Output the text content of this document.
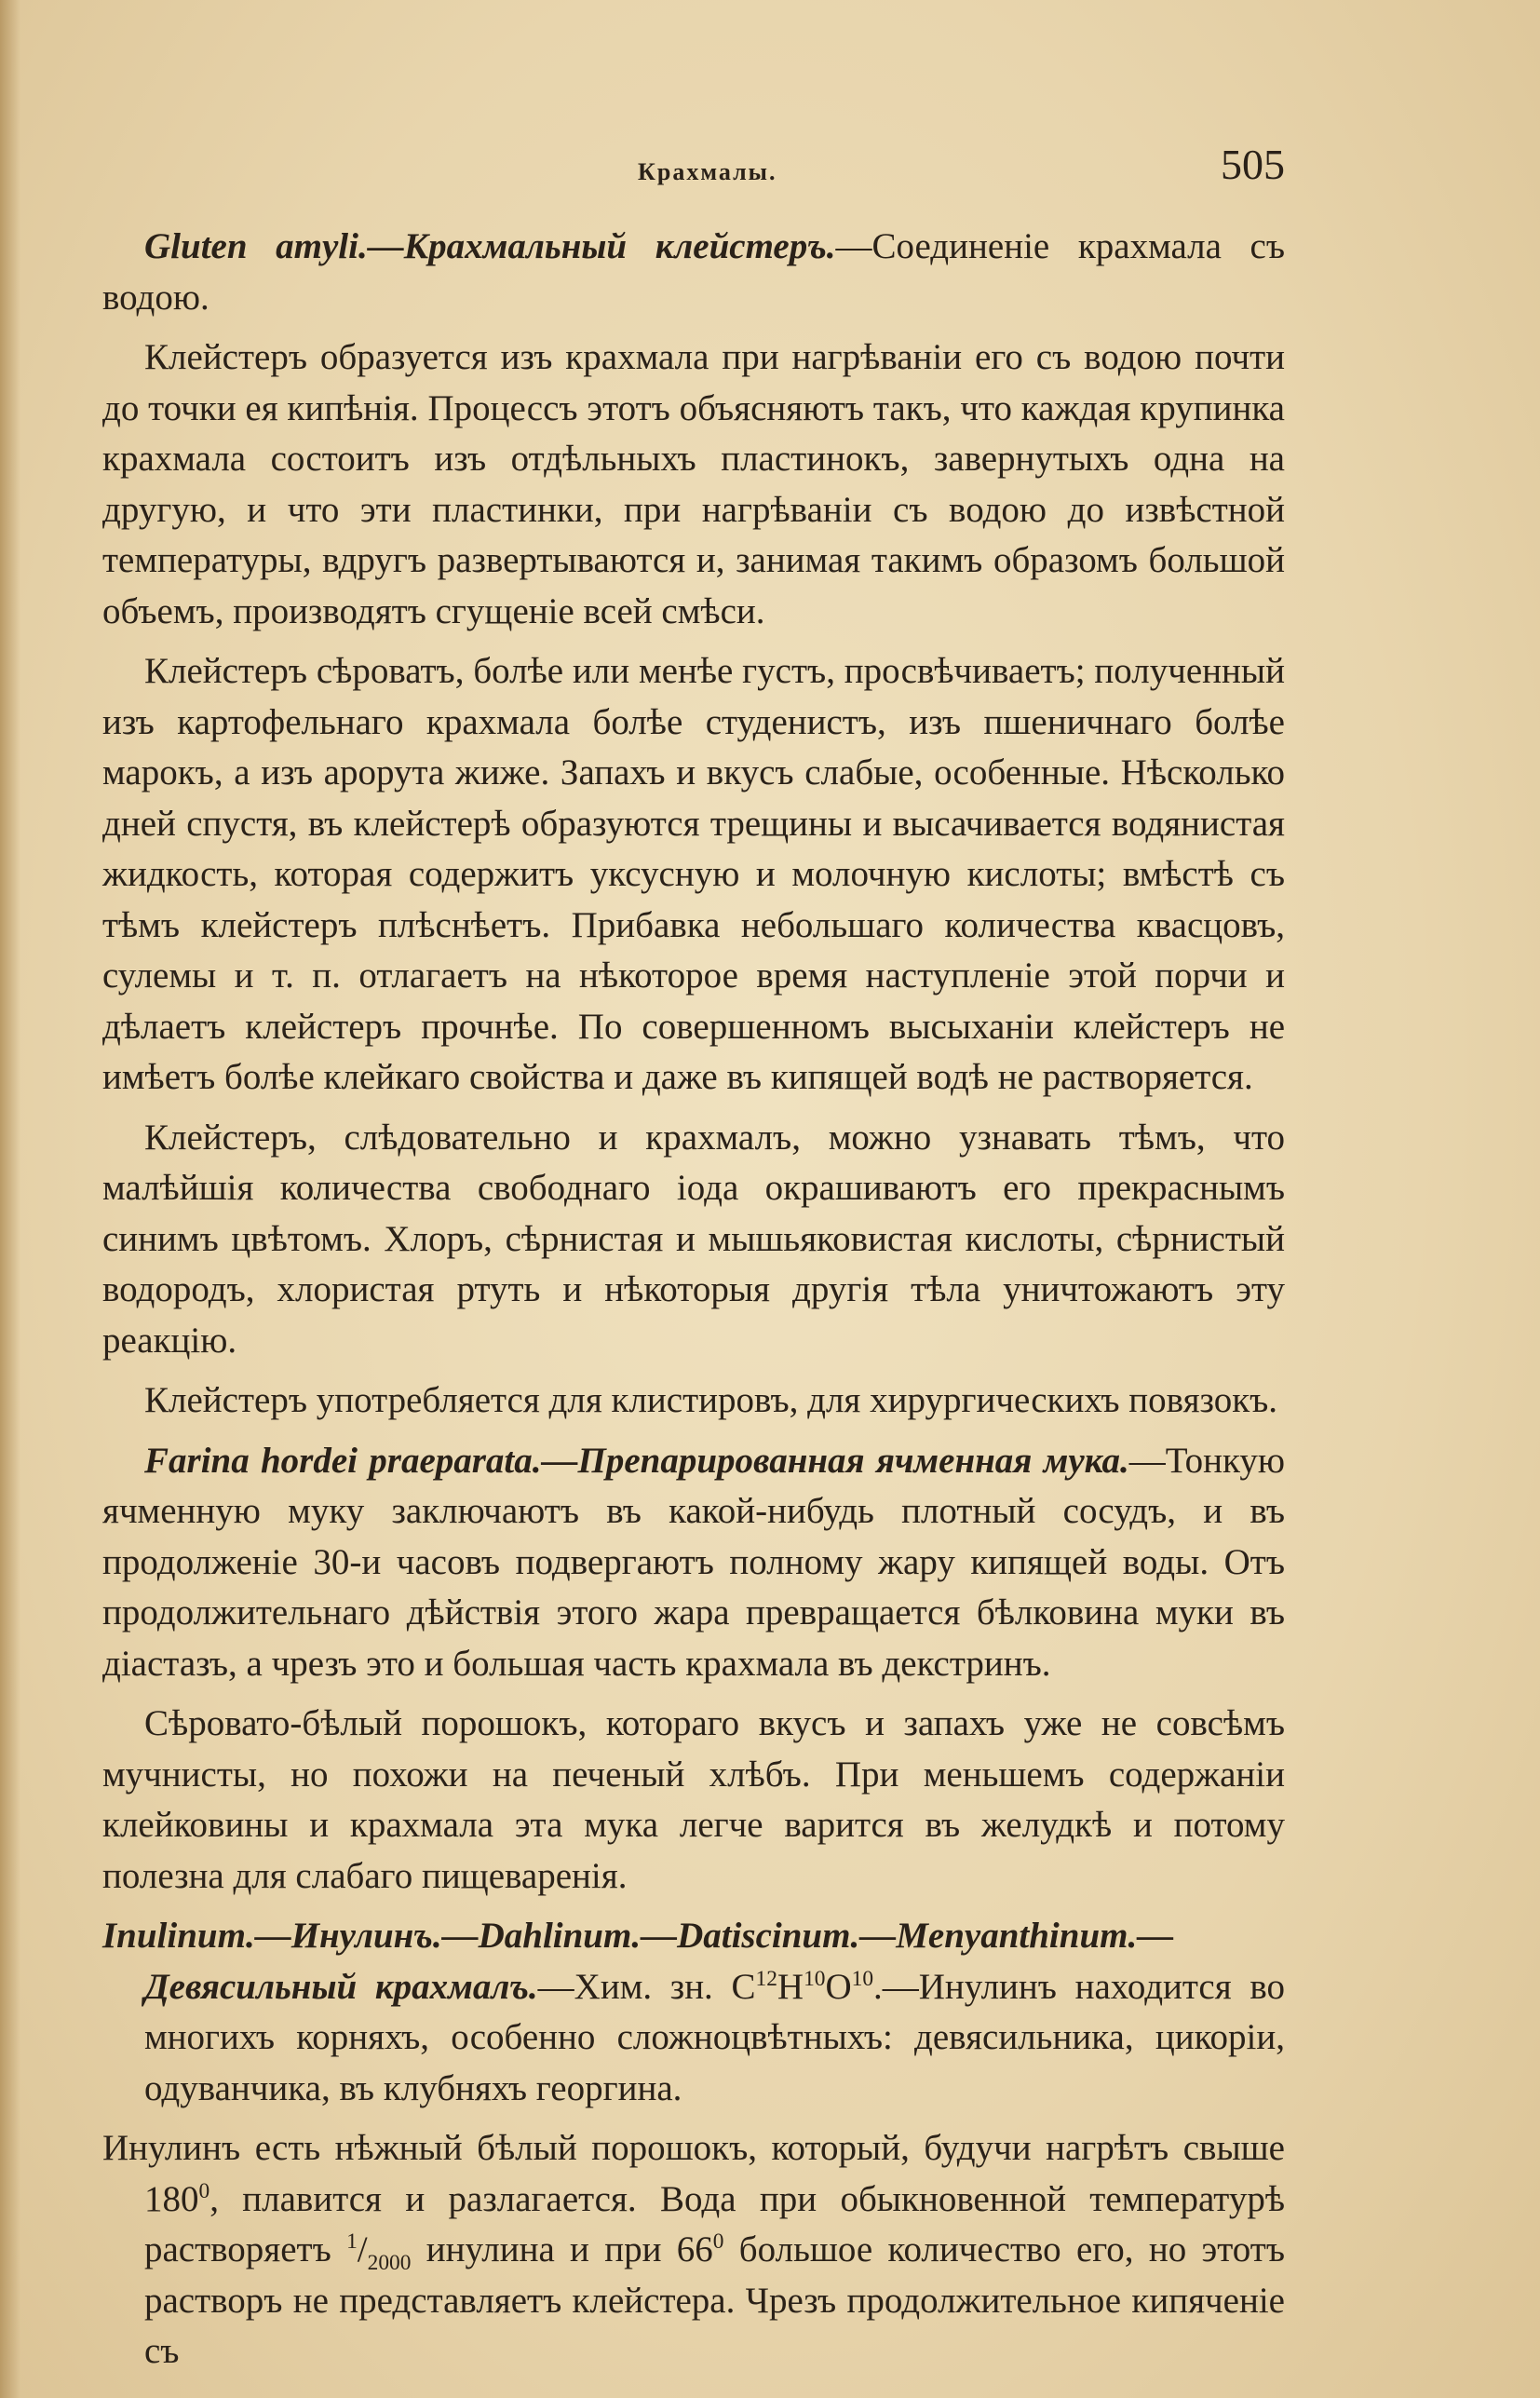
Крахмалы.	505

Gluten amyli.—Крахмальный клейстеръ.—Соединеніе крахмала съ водою.

Клейстеръ образуется изъ крахмала при нагрѣваніи его съ водою почти до точки ея кипѣнія. Процессъ этотъ объясняютъ такъ, что каждая крупинка крахмала состоитъ изъ отдѣльныхъ пластинокъ, завернутыхъ одна на другую, и что эти пластинки, при нагрѣваніи съ водою до извѣстной температуры, вдругъ развертываются и, занимая такимъ образомъ большой объемъ, производятъ сгущеніе всей смѣси.

Клейстеръ сѣроватъ, болѣе или менѣе густъ, просвѣчиваетъ; полученный изъ картофельнаго крахмала болѣе студенистъ, изъ пшеничнаго болѣе марокъ, а изъ арорута жиже. Запахъ и вкусъ слабые, особенные. Нѣсколько дней спустя, въ клейстерѣ образуются трещины и высачивается водянистая жидкость, которая содержитъ уксусную и молочную кислоты; вмѣстѣ съ тѣмъ клейстеръ плѣснѣетъ. Прибавка небольшаго количества квасцовъ, сулемы и т. п. отлагаетъ на нѣкоторое время наступленіе этой порчи и дѣлаетъ клейстеръ прочнѣе. По совершенномъ высыханіи клейстеръ не имѣетъ болѣе клейкаго свойства и даже въ кипящей водѣ не растворяется.

Клейстеръ, слѣдовательно и крахмалъ, можно узнавать тѣмъ, что малѣйшія количества свободнаго іода окрашиваютъ его прекраснымъ синимъ цвѣтомъ. Хлоръ, сѣрнистая и мышьяковистая кислоты, сѣрнистый водородъ, хлористая ртуть и нѣкоторыя другія тѣла уничтожаютъ эту реакцію.

Клейстеръ употребляется для клистировъ, для хирургическихъ повязокъ.

Farina hordei praeparata.—Препарированная ячменная мука.—Тонкую ячменную муку заключаютъ въ какой-нибудь плотный сосудъ, и въ продолженіе 30-и часовъ подвергаютъ полному жару кипящей воды. Отъ продолжительнаго дѣйствія этого жара превращается бѣлковина муки въ діастазъ, а чрезъ это и большая часть крахмала въ декстринъ.

Сѣровато-бѣлый порошокъ, котораго вкусъ и запахъ уже не совсѣмъ мучнисты, но похожи на печеный хлѣбъ. При меньшемъ содержаніи клейковины и крахмала эта мука легче варится въ желудкѣ и потому полезна для слабаго пищеваренія.

Inulinum.—Инулинъ.—Dahlinum.—Datiscinum.—Menyanthinum.—Девясильный крахмалъ.—Хим. зн. $C^{12}H^{10}O^{10}.—Инулинъ$ находится во многихъ корняхъ, особенно сложноцвѣтныхъ: девясильника, цикоріи, одуванчика, въ клубняхъ георгина.

Инулинъ есть нѣжный бѣлый порошокъ, который, будучи нагрѣтъ свыше $180^0$, плавится и разлагается. Вода при обыкновенной температурѣ растворяетъ $^1/_{2000}$ инулина и при $66^0$ большое количество его, но этотъ растворъ не представляетъ клейстера. Чрезъ продолжительное кипяченіе съ
